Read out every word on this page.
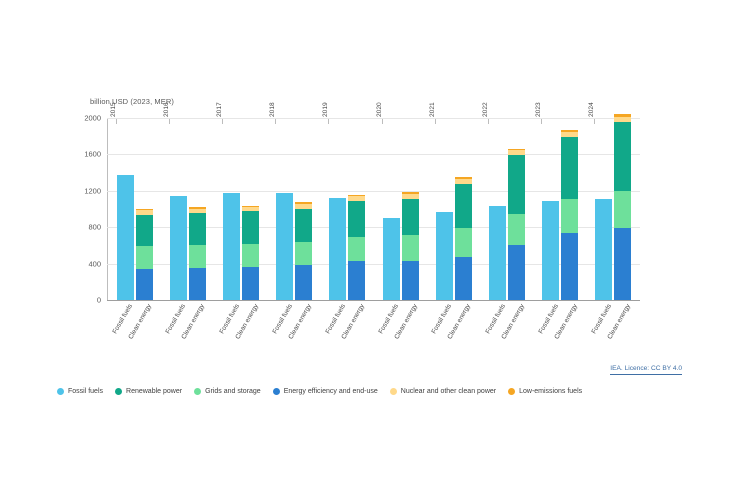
billion USD (2023, MER)
0
400
800
1200
1600
2000
2015	2016	2017	2018	2019	2020	2021	2022	2023	2024
Fossil fuels
Clean energy Fossil fuels
Clean energy Fossil fuels
Clean energy Fossil fuels
Clean energy Fossil fuels
Clean energy Fossil fuels
Clean energy Fossil fuels
Clean energy Fossil fuels
Clean energy Fossil fuels
Clean energy Fossil fuels
Clean energy
IEA. Licence: CC BY 4.0
Fossil fuels	Renewable power	Grids and storage	Energy efficiency and end-use	Nuclear and other clean power	Low-emissions fuels
